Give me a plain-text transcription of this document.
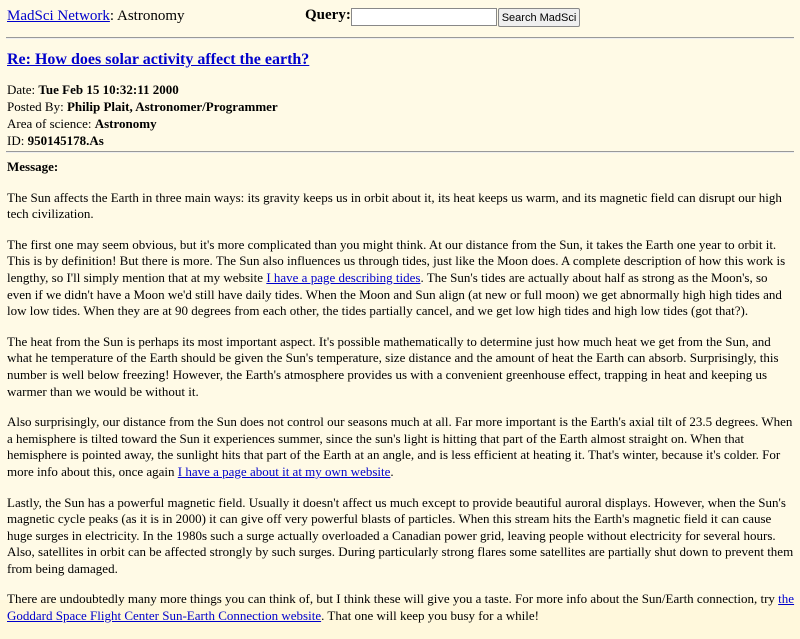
MadSci Network: Astronomy	Query:	Search MadSci
Re: How does solar activity affect the earth?
Date: Tue Feb 15 10:32:11 2000
Posted By: Philip Plait, Astronomer/Programmer
Area of science: Astronomy
ID: 950145178.As

Message:

The Sun affects the Earth in three main ways: its gravity keeps us in orbit about it, its heat keeps us warm, and its magnetic field can disrupt our high tech civilization.

The first one may seem obvious, but it's more complicated than you might think. At our distance from the Sun, it takes the Earth one year to orbit it. This is by definition! But there is more. The Sun also influences us through tides, just like the Moon does. A complete description of how this work is lengthy, so I'll simply mention that at my website I have a page describing tides. The Sun's tides are actually about half as strong as the Moon's, so even if we didn't have a Moon we'd still have daily tides. When the Moon and Sun align (at new or full moon) we get abnormally high high tides and low low tides. When they are at 90 degrees from each other, the tides partially cancel, and we get low high tides and high low tides (got that?).

The heat from the Sun is perhaps its most important aspect. It's possible mathematically to determine just how much heat we get from the Sun, and what he temperature of the Earth should be given the Sun's temperature, size distance and the amount of heat the Earth can absorb. Surprisingly, this number is well below freezing! However, the Earth's atmosphere provides us with a convenient greenhouse effect, trapping in heat and keeping us warmer than we would be without it.

Also surprisingly, our distance from the Sun does not control our seasons much at all. Far more important is the Earth's axial tilt of 23.5 degrees. When a hemisphere is tilted toward the Sun it experiences summer, since the sun's light is hitting that part of the Earth almost straight on. When that hemisphere is pointed away, the sunlight hits that part of the Earth at an angle, and is less efficient at heating it. That's winter, because it's colder. For more info about this, once again I have a page about it at my own website.

Lastly, the Sun has a powerful magnetic field. Usually it doesn't affect us much except to provide beautiful auroral displays. However, when the Sun's magnetic cycle peaks (as it is in 2000) it can give off very powerful blasts of particles. When this stream hits the Earth's magnetic field it can cause huge surges in electricity. In the 1980s such a surge actually overloaded a Canadian power grid, leaving people without electricity for several hours. Also, satellites in orbit can be affected strongly by such surges. During particularly strong flares some satellites are partially shut down to prevent them from being damaged.

There are undoubtedly many more things you can think of, but I think these will give you a taste. For more info about the Sun/Earth connection, try the Goddard Space Flight Center Sun-Earth Connection website. That one will keep you busy for a while!
